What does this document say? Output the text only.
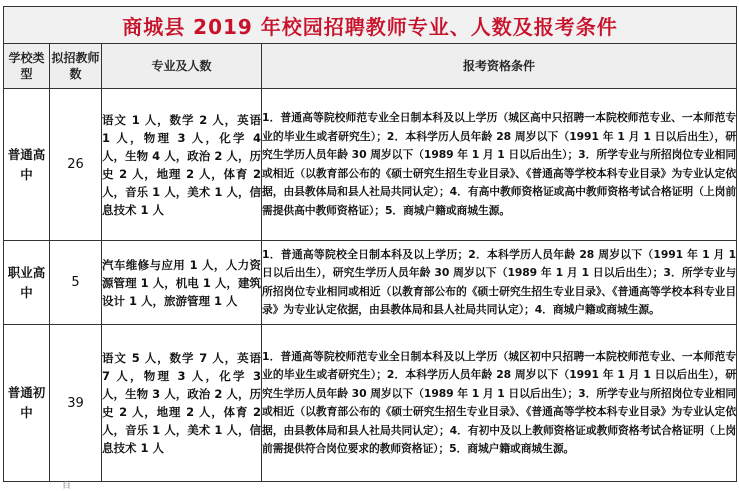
商城县 2019 年校园招聘教师专业、人数及报考条件			
学校类型	拟招教师数	专业及人数	报考资格条件
普通高中	26	语文 1 人，数学 2 人，英语 1 人，物理 3 人，化学 4 人，生物 4 人，政治 2 人，历史 2 人，地理 2 人，体育 2 人，音乐 1 人，美术 1 人，信息技术 1 人	1．普通高等院校师范专业全日制本科及以上学历（城区高中只招聘一本院校师范专业、一本师范专业的毕业生或者研究生）；2．本科学历人员年龄 28 周岁以下（1991 年 1 月 1 日以后出生），研究生学历人员年龄 30 周岁以下（1989 年 1 月 1 日以后出生）；3．所学专业与所招岗位专业相同或相近（以教育部公布的《硕士研究生招生专业目录》、《普通高等学校本科专业目录》为专业认定依据，由县教体局和县人社局共同认定）；4．有高中教师资格证或高中教师资格考试合格证明（上岗前需提供高中教师资格证）；5．商城户籍或商城生源。
职业高中	5	汽车维修与应用 1 人，人力资源管理 1 人，机电 1 人，建筑设计 1 人，旅游管理 1 人	1．普通高等院校全日制本科及以上学历；2．本科学历人员年龄 28 周岁以下（1991 年 1 月 1 日以后出生），研究生学历人员年龄 30 周岁以下（1989 年 1 月 1 日以后出生）；3．所学专业与所招岗位专业相同或相近（以教育部公布的《硕士研究生招生专业目录》、《普通高等学校本科专业目录》为专业认定依据，由县教体局和县人社局共同认定）；4．商城户籍或商城生源。
普通初中	39	语文 5 人，数学 7 人，英语 7 人，物理 3 人，化学 3 人，生物 3 人，政治 2 人，历史 2 人，地理 2 人，体育 2 人，音乐 1 人，美术 1 人，信息技术 1 人	1．普通高等院校师范专业全日制本科及以上学历（城区初中只招聘一本院校师范专业、一本师范专业的毕业生或者研究生）；2．本科学历人员年龄 28 周岁以下（1991 年 1 月 1 日以后出生），研究生学历人员年龄 30 周岁以下（1989 年 1 月 1 日以后出生）；3．所学专业与所招岗位专业相同或相近（以教育部公布的《硕士研究生招生专业目录》、《普通高等学校本科专业目录》为专业认定依据，由县教体局和县人社局共同认定）；4．有初中及以上教师资格证或教师资格考试合格证明（上岗前需提供符合岗位要求的教师资格证）；5．商城户籍或商城生源。
目
